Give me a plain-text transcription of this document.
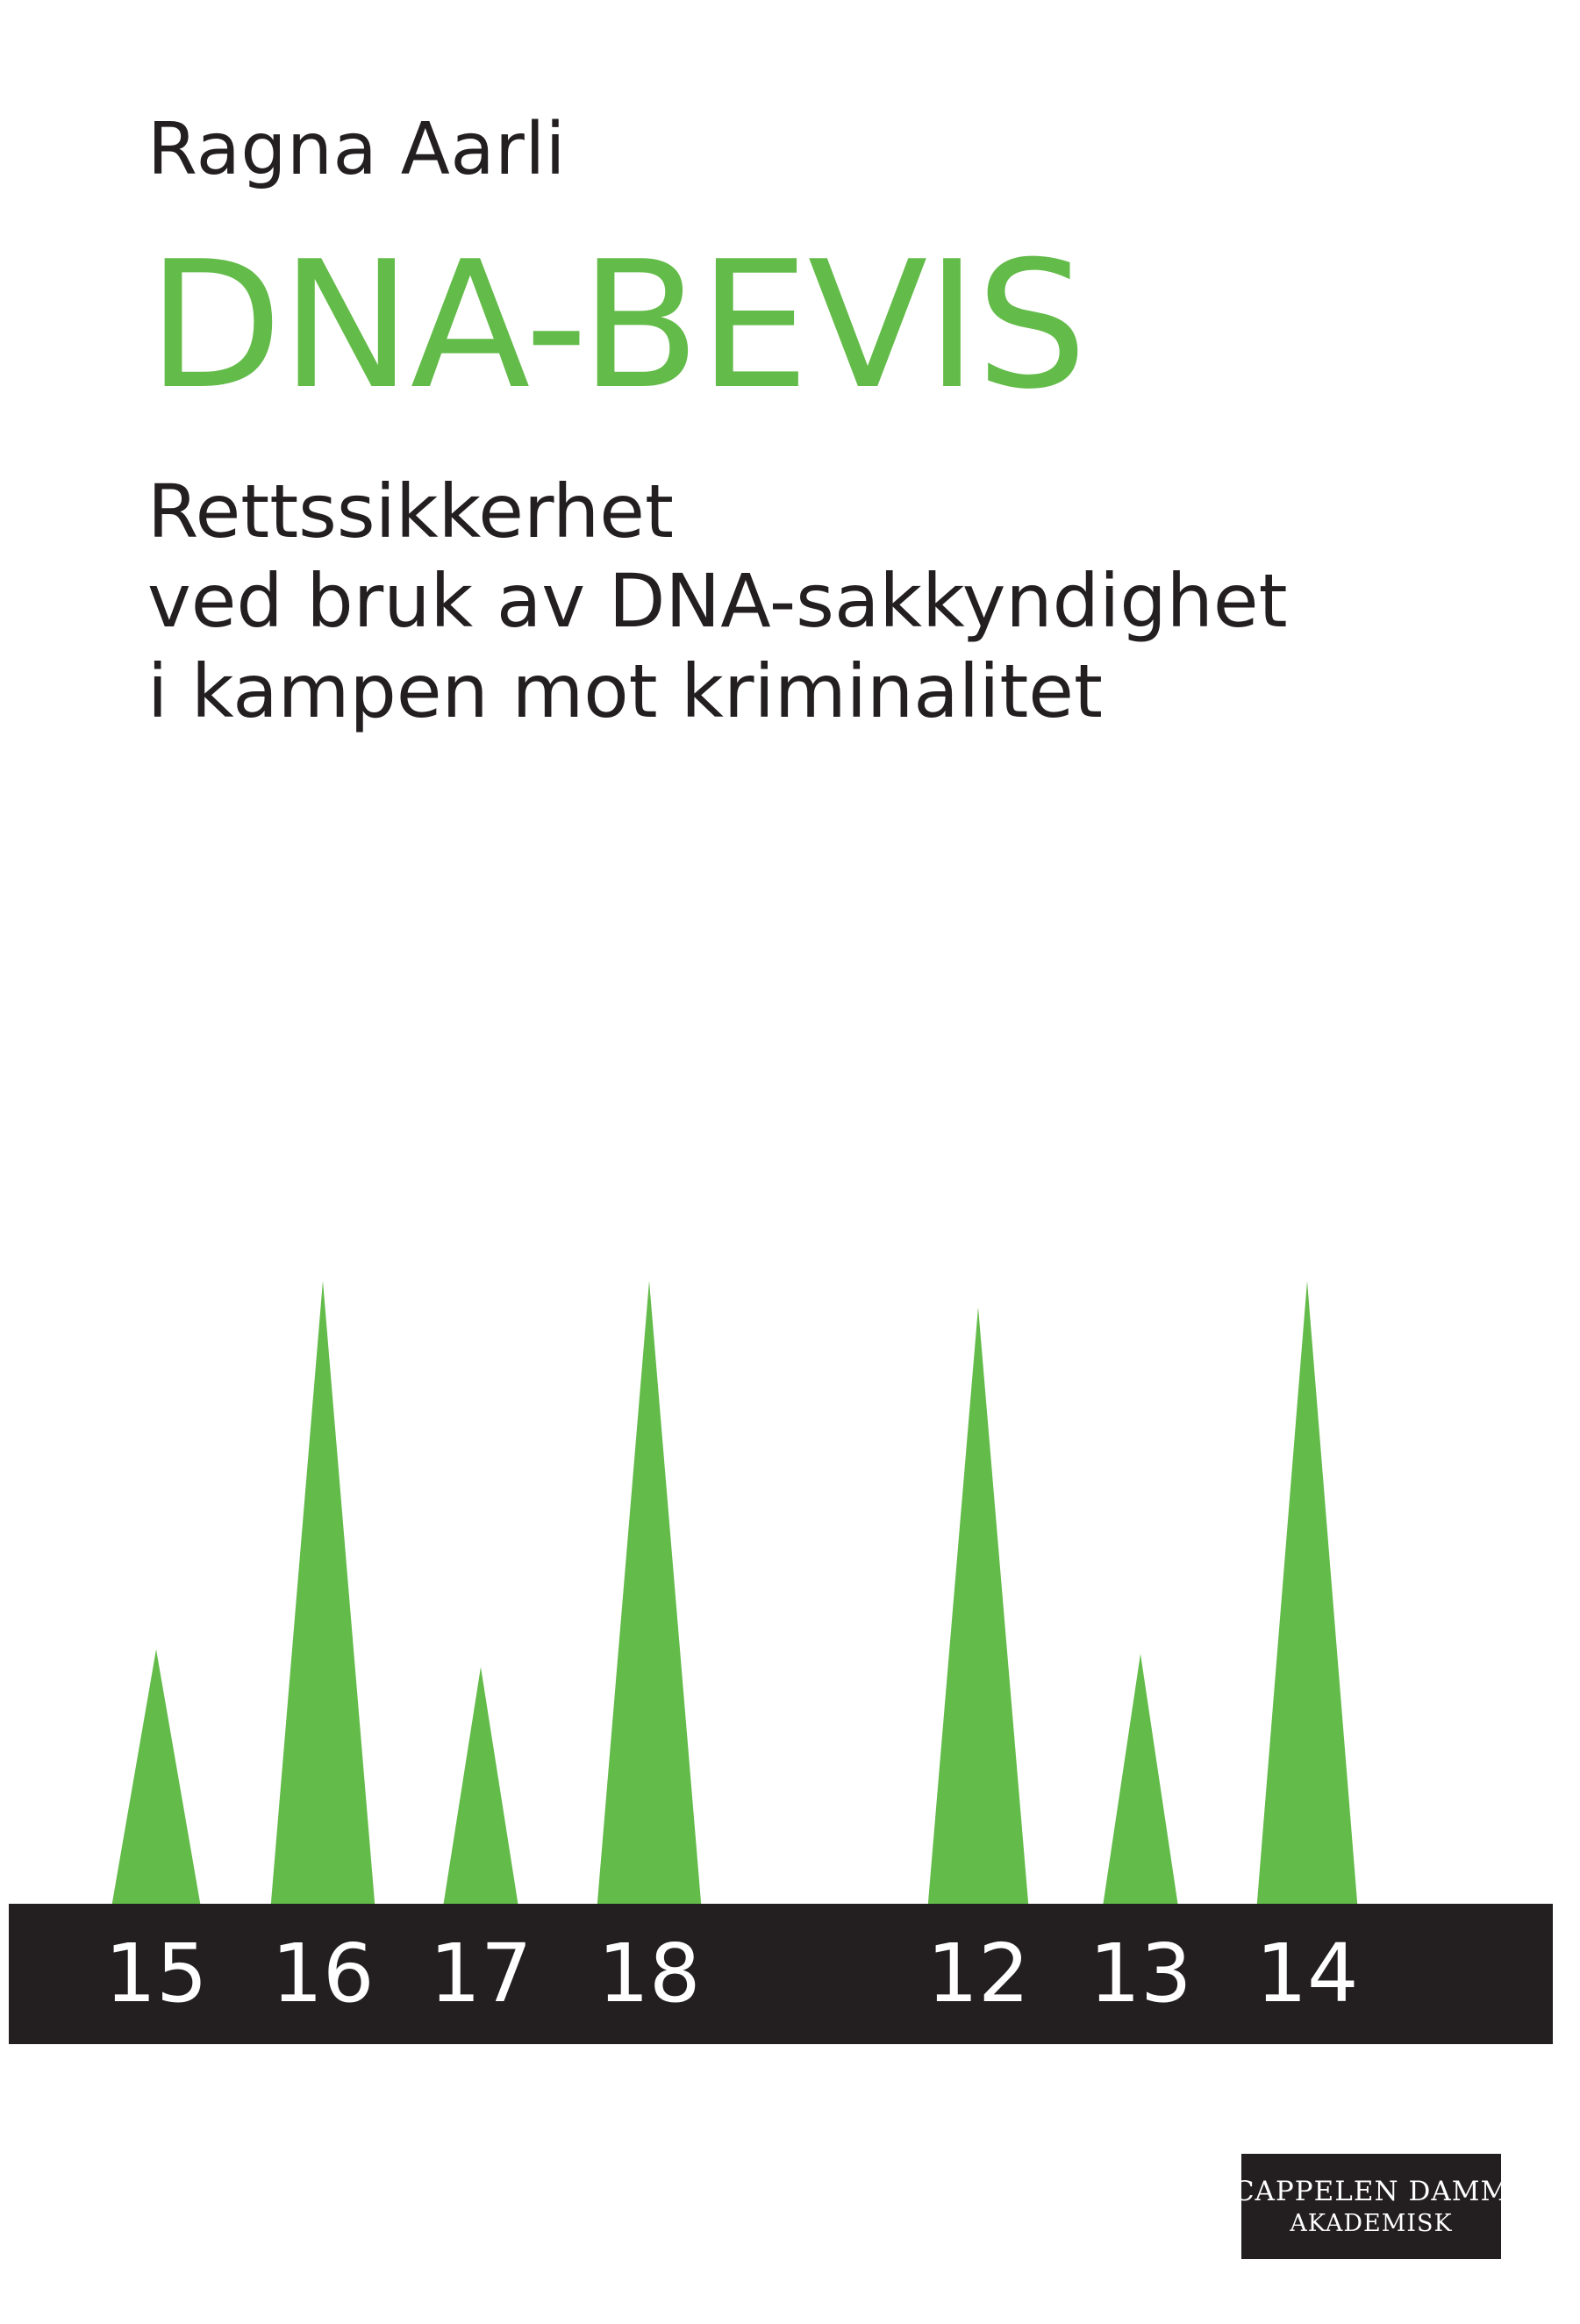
Ragna Aarli
DNA-BEVIS
Rettssikkerhet
ved bruk av DNA-sakkyndighet
i kampen mot kriminalitet
15 16 17 18	12 13 14
CAPPELEN DAMM
AKADEMISK
